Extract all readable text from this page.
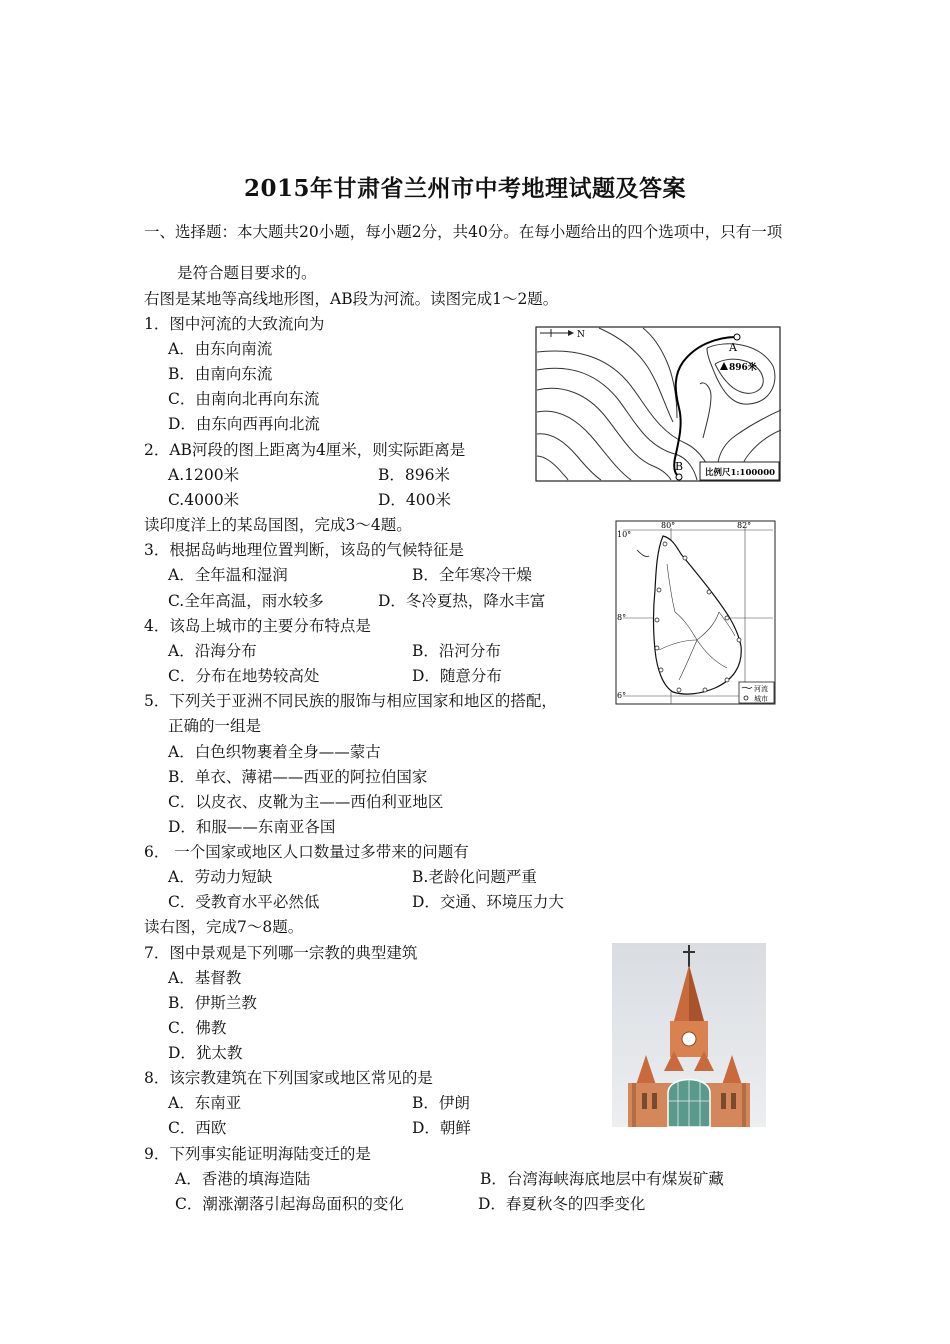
2015年甘肃省兰州市中考地理试题及答案
一、选择题：本大题共20小题，每小题2分，共40分。在每小题给出的四个选项中，只有一项
是符合题目要求的。
右图是某地等高线地形图，AB段为河流。读图完成1～2题。
1．图中河流的大致流向为
A．由东向南流
B．由南向东流
C．由南向北再向东流
D．由东向西再向北流
2．AB河段的图上距离为4厘米，则实际距离是
A.1200米	B．896米
C.4000米	D．400米
读印度洋上的某岛国图，完成3～4题。
3．根据岛屿地理位置判断，该岛的气候特征是
A．全年温和湿润	B．全年寒冷干燥
C.全年高温，雨水较多	D．冬冷夏热，降水丰富
4．该岛上城市的主要分布特点是
A．沿海分布	B．沿河分布
C．分布在地势较高处	D．随意分布
5．下列关于亚洲不同民族的服饰与相应国家和地区的搭配，
正确的一组是
A．白色织物裹着全身——蒙古
B．单衣、薄裙——西亚的阿拉伯国家
C．以皮衣、皮靴为主——西伯利亚地区
D．和服——东南亚各国
6． 一个国家或地区人口数量过多带来的问题有
A．劳动力短缺	B.老龄化问题严重
C．受教育水平必然低	D．交通、环境压力大
读右图，完成7～8题。
7．图中景观是下列哪一宗教的典型建筑
A．基督教
B．伊斯兰教
C．佛教
D．犹太教
8．该宗教建筑在下列国家或地区常见的是
A．东南亚	B．伊朗
C．西欧	D．朝鲜
9．下列事实能证明海陆变迁的是
A．香港的填海造陆	B．台湾海峡海底地层中有煤炭矿藏
C．潮涨潮落引起海岛面积的变化	D．春夏秋冬的四季变化
N
A
B
896米
比例尺1:100000
80°	82°
10°
8°
6°
河流
城市
